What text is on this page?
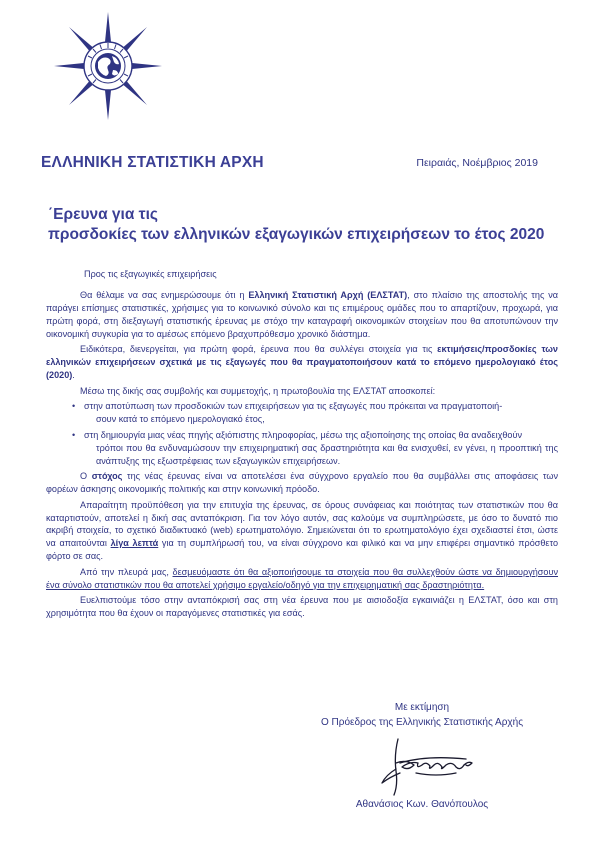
ΕΛΛΗΝΙΚΗ ΣΤΑΤΙΣΤΙΚΗ ΑΡΧΗ	Πειραιάς, Νοέμβριος 2019
΄Ερευνα για τις
προσδοκίες των ελληνικών εξαγωγικών επιχειρήσεων το έτος 2020

Προς τις εξαγωγικές επιχειρήσεις

Θα θέλαμε να σας ενημερώσουμε ότι η Ελληνική Στατιστική Αρχή (ΕΛΣΤΑΤ), στο πλαίσιο της αποστολής της να παράγει επίσημες στατιστικές, χρήσιμες για το κοινωνικό σύνολο και τις επιμέρους ομάδες που το απαρτίζουν, προχωρά, για πρώτη φορά, στη διεξαγωγή στατιστικής έρευνας με στόχο την καταγραφή οικονομικών στοιχείων που θα αποτυπώνουν την οικονομική συγκυρία για το αμέσως επόμενο βραχυπρόθεσμο χρονικό διάστημα.

Ειδικότερα, διενεργείται, για πρώτη φορά, έρευνα που θα συλλέγει στοιχεία για τις εκτιμήσεις/προσδοκίες των ελληνικών επιχειρήσεων σχετικά με τις εξαγωγές που θα πραγματοποιήσουν κατά το επόμενο ημερολογιακό έτος (2020).

Μέσω της δικής σας συμβολής και συμμετοχής, η πρωτοβουλία της ΕΛΣΤΑΤ αποσκοπεί:

• στην αποτύπωση των προσδοκιών των επιχειρήσεων για τις εξαγωγές που πρόκειται να πραγματοποιή-
σουν κατά το επόμενο ημερολογιακό έτος,
• στη δημιουργία μιας νέας πηγής αξιόπιστης πληροφορίας, μέσω της αξιοποίησης της οποίας θα αναδειχθούν
τρόποι που θα ενδυναμώσουν την επιχειρηματική σας δραστηριότητα και θα ενισχυθεί, εν γένει, η προοπτική της ανάπτυξης της εξωστρέφειας των εξαγωγικών επιχειρήσεων.

Ο στόχος της νέας έρευνας είναι να αποτελέσει ένα σύγχρονο εργαλείο που θα συμβάλλει στις αποφάσεις των φορέων άσκησης οικονομικής πολιτικής και στην κοινωνική πρόοδο.

Απαραίτητη προϋπόθεση για την επιτυχία της έρευνας, σε όρους συνάφειας και ποιότητας των στατιστικών που θα καταρτιστούν, αποτελεί η δική σας ανταπόκριση. Για τον λόγο αυτόν, σας καλούμε να συμπληρώσετε, με όσο το δυνατό πιο ακριβή στοιχεία, το σχετικό διαδικτυακό (web) ερωτηματολόγιο. Σημειώνεται ότι το ερωτηματολόγιο έχει σχεδιαστεί έτσι, ώστε να απαιτούνται λίγα λεπτά για τη συμπλήρωσή του, να είναι σύγχρονο και φιλικό και να μην επιφέρει σημαντικό πρόσθετο φόρτο σε σας.

Από την πλευρά μας, δεσμευόμαστε ότι θα αξιοποιήσουμε τα στοιχεία που θα συλλεχθούν ώστε να δημιουργήσουν ένα σύνολο στατιστικών που θα αποτελεί χρήσιμο εργαλείο/οδηγό για την επιχειρηματική σας δραστηριότητα.

Ευελπιστούμε τόσο στην ανταπόκρισή σας στη νέα έρευνα που με αισιοδοξία εγκαινιάζει η ΕΛΣΤΑΤ, όσο και στη χρησιμότητα που θα έχουν οι παραγόμενες στατιστικές για εσάς.

Με εκτίμηση
Ο Πρόεδρος της Ελληνικής Στατιστικής Αρχής
Αθανάσιος Κων. Θανόπουλος
